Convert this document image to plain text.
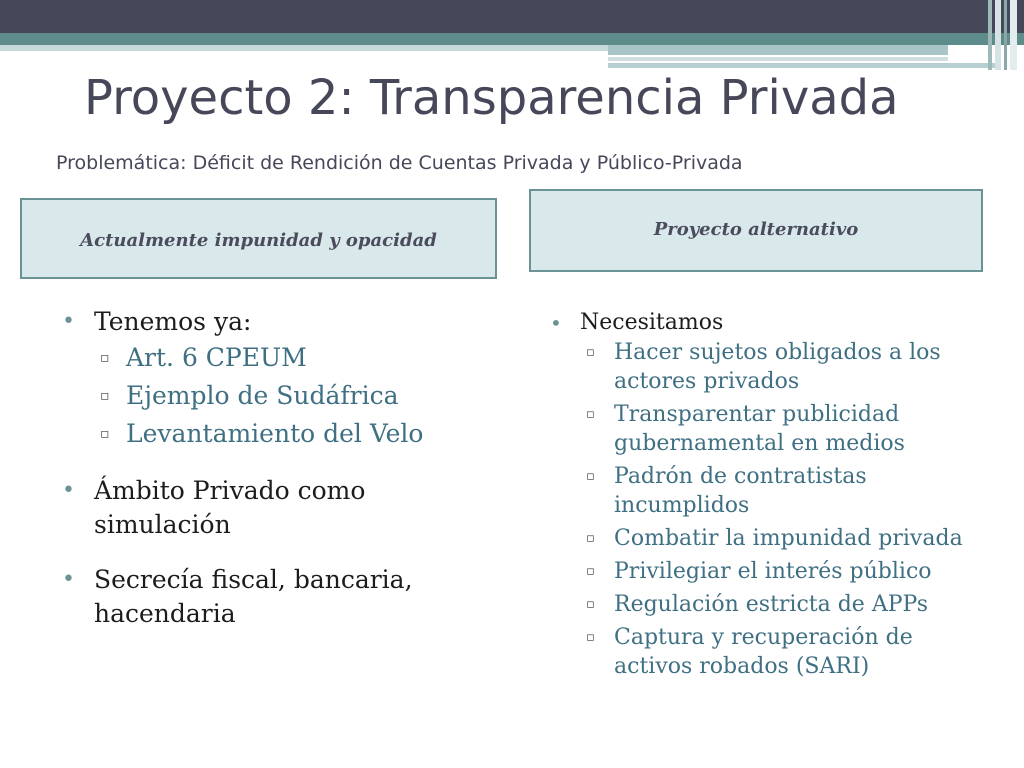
Proyecto 2: Transparencia Privada
Problemática: Déficit de Rendición de Cuentas Privada y Público-Privada
Actualmente impunidad y opacidad
Proyecto alternativo
• Tenemos ya:
▫ Art. 6 CPEUM
▫ Ejemplo de Sudáfrica
▫ Levantamiento del Velo
• Ámbito Privado como simulación
• Secrecía fiscal, bancaria, hacendaria
• Necesitamos
▫ Hacer sujetos obligados a los actores privados
▫ Transparentar publicidad gubernamental en medios
▫ Padrón de contratistas incumplidos
▫ Combatir la impunidad privada
▫ Privilegiar el interés público
▫ Regulación estricta de APPs
▫ Captura y recuperación de activos robados (SARI)
